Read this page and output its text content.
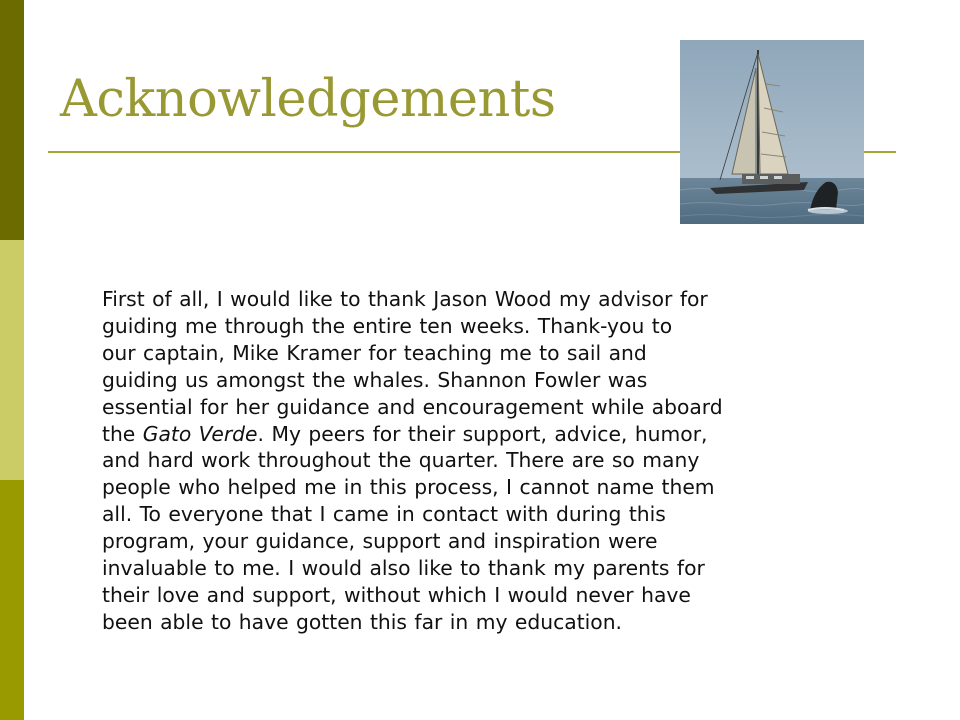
Acknowledgements

First of all, I would like to thank Jason Wood my advisor for
guiding me through the entire ten weeks. Thank-you to
our captain, Mike Kramer for teaching me to sail and
guiding us amongst the whales. Shannon Fowler was
essential for her guidance and encouragement while aboard
the Gato Verde. My peers for their support, advice, humor,
and hard work throughout the quarter. There are so many
people who helped me in this process, I cannot name them
all. To everyone that I came in contact with during this
program, your guidance, support and inspiration were
invaluable to me. I would also like to thank my parents for
their love and support, without which I would never have
been able to have gotten this far in my education.
